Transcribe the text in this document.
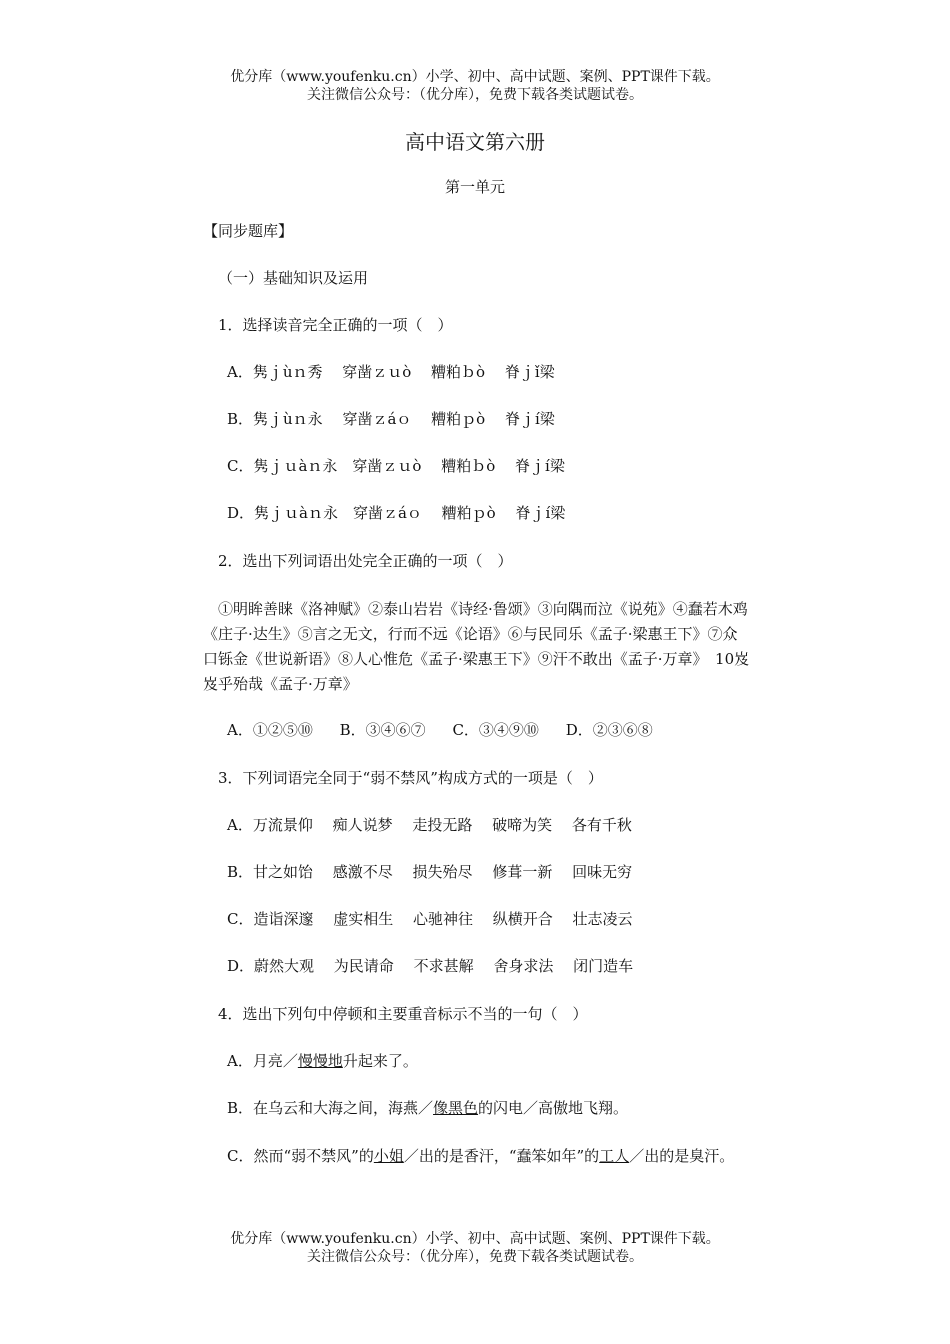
优分库（www.youfenku.cn）小学、初中、高中试题、案例、PPT课件下载。
关注微信公众号：（优分库），免费下载各类试题试卷。
高中语文第六册
第一单元
【同步题库】
（一）基础知识及运用
1．选择读音完全正确的一项（　）
A．隽ｊùｎ秀　 穿凿ｚｕò　 糟粕ｂò　 脊ｊǐ梁
B．隽ｊùｎ永　 穿凿ｚáｏ　 糟粕ｐò　 脊ｊí梁
C．隽ｊｕàｎ永　穿凿ｚｕò　 糟粕ｂò　 脊ｊí梁
D．隽ｊｕàｎ永　穿凿ｚáｏ　 糟粕ｐò　 脊ｊí梁
2．选出下列词语出处完全正确的一项（　）
①明眸善睐《洛神赋》②泰山岩岩《诗经·鲁颂》③向隅而泣《说苑》④蠢若木鸡《庄子·达生》⑤言之无文，行而不远《论语》⑥与民同乐《孟子·梁惠王下》⑦众口铄金《世说新语》⑧人心惟危《孟子·梁惠王下》⑨汗不敢出《孟子·万章》　10岌岌乎殆哉《孟子·万章》
A．①②⑤⑩ B．③④⑥⑦ C．③④⑨⑩ D．②③⑥⑧
3．下列词语完全同于“弱不禁风”构成方式的一项是（　）
A．万流景仰　 痴人说梦　 走投无路　 破啼为笑　 各有千秋
B．甘之如饴　 感激不尽　 损失殆尽　 修葺一新　 回味无穷
C．造诣深邃　 虚实相生　 心驰神往　 纵横开合　 壮志凌云
D．蔚然大观　 为民请命　 不求甚解　 舍身求法　 闭门造车
4．选出下列句中停顿和主要重音标示不当的一句（　）
A．月亮／慢慢地升起来了。
B．在乌云和大海之间，海燕／像黑色的闪电／高傲地飞翔。
C．然而“弱不禁风”的小姐／出的是香汗，“蠢笨如年”的工人／出的是臭汗。
优分库（www.youfenku.cn）小学、初中、高中试题、案例、PPT课件下载。
关注微信公众号：（优分库），免费下载各类试题试卷。
